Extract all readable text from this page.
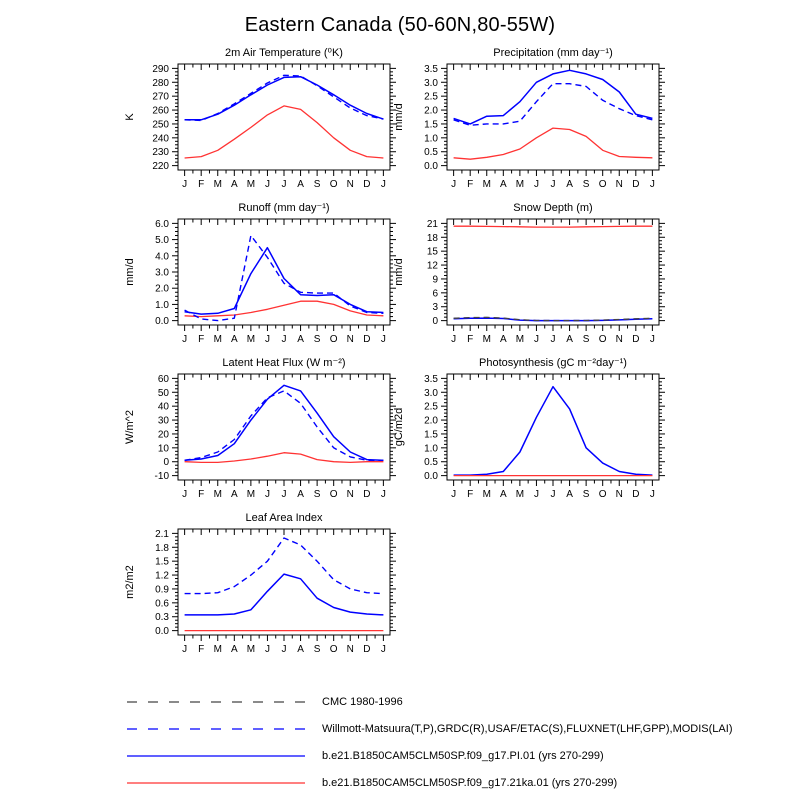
Eastern Canada (50-60N,80-55W)
2m Air Temperature (⁰K)
K
J F M A M J J A S O N D J
220
230
240
250
260
270
280
290
Precipitation (mm day⁻¹)
mm/d
J F M A M J J A S O N D J
0.0
0.5
1.0
1.5
2.0
2.5
3.0
3.5
Runoff (mm day⁻¹)
mm/d
J F M A M J J A S O N D J
0.0
1.0
2.0
3.0
4.0
5.0
6.0
Snow Depth (m)
mm/d
J F M A M J J A S O N D J
0
3
6
9
12
15
18
21
Latent Heat Flux (W m⁻²)
W/m^2
J F M A M J J A S O N D J
-10
0
10
20
30
40
50
60
Photosynthesis (gC m⁻²day⁻¹)
gC/m2d
J F M A M J J A S O N D J
0.0
0.5
1.0
1.5
2.0
2.5
3.0
3.5
Leaf Area Index
m2/m2
J F M A M J J A S O N D J
0.0
0.3
0.6
0.9
1.2
1.5
1.8
2.1
CMC 1980-1996
Willmott-Matsuura(T,P),GRDC(R),USAF/ETAC(S),FLUXNET(LHF,GPP),MODIS(LAI)
b.e21.B1850CAM5CLM50SP.f09_g17.PI.01 (yrs 270-299)
b.e21.B1850CAM5CLM50SP.f09_g17.21ka.01 (yrs 270-299)
